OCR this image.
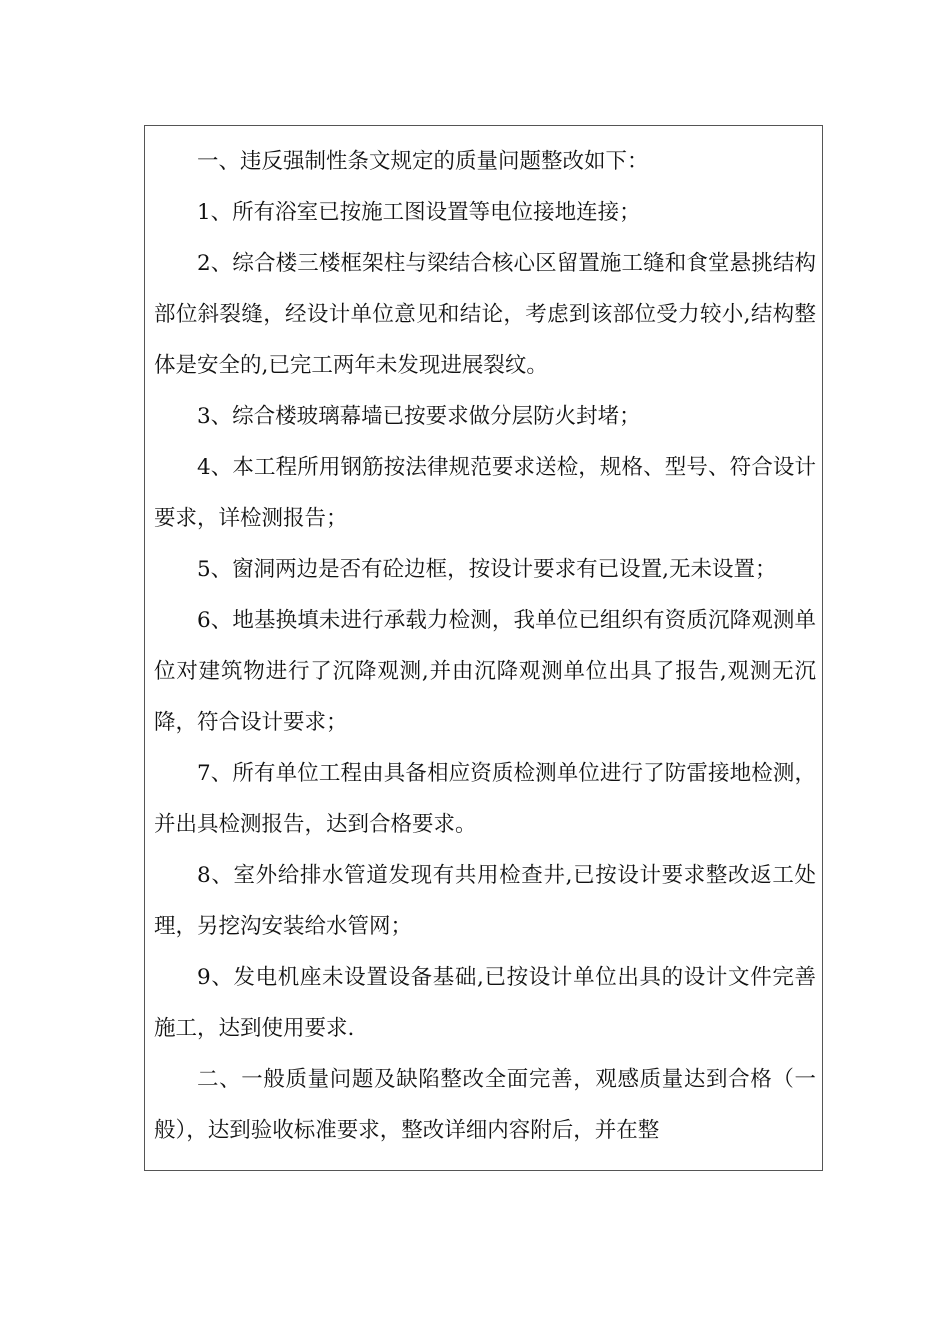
一、违反强制性条文规定的质量问题整改如下：

1、所有浴室已按施工图设置等电位接地连接；

2、综合楼三楼框架柱与梁结合核心区留置施工缝和食堂悬挑结构部位斜裂缝，经设计单位意见和结论，考虑到该部位受力较小,结构整体是安全的,已完工两年未发现进展裂纹。

3、综合楼玻璃幕墙已按要求做分层防火封堵；

4、本工程所用钢筋按法律规范要求送检，规格、型号、符合设计要求，详检测报告；

5、窗洞两边是否有砼边框，按设计要求有已设置,无未设置；

6、地基换填未进行承载力检测，我单位已组织有资质沉降观测单位对建筑物进行了沉降观测,并由沉降观测单位出具了报告,观测无沉降，符合设计要求；

7、所有单位工程由具备相应资质检测单位进行了防雷接地检测，并出具检测报告，达到合格要求。

8、室外给排水管道发现有共用检查井,已按设计要求整改返工处理，另挖沟安装给水管网；

9、发电机座未设置设备基础,已按设计单位出具的设计文件完善施工，达到使用要求.

二、一般质量问题及缺陷整改全面完善，观感质量达到合格（一般），达到验收标准要求，整改详细内容附后，并在整
